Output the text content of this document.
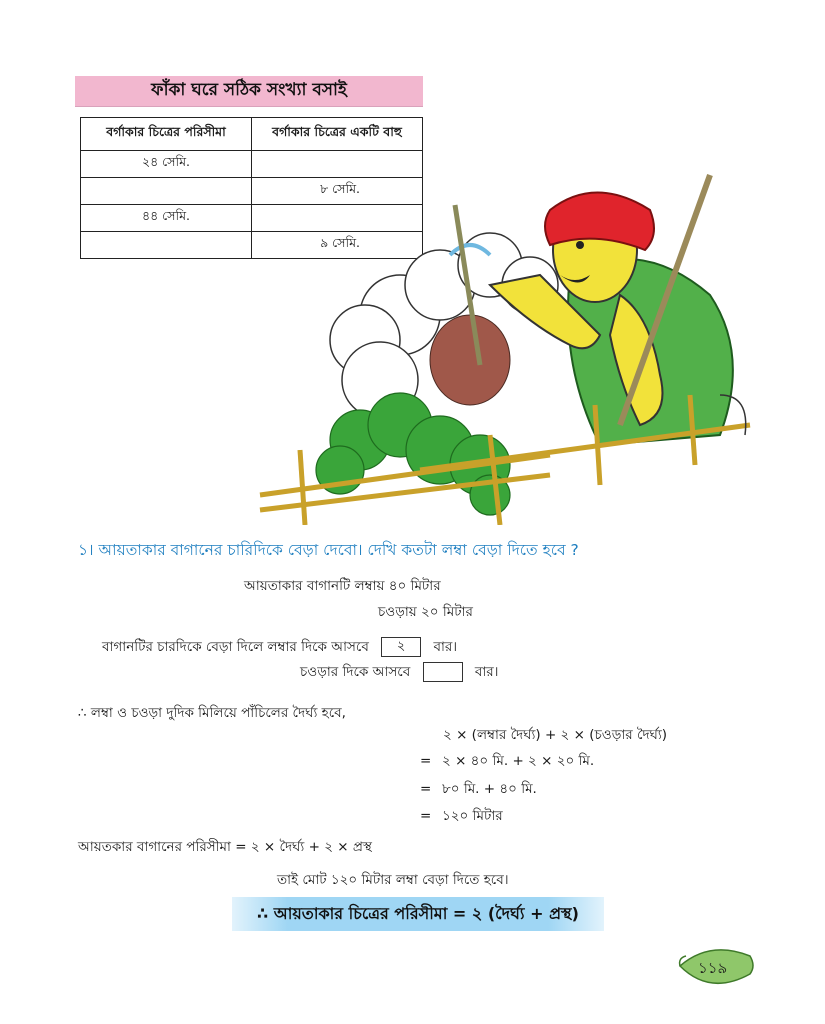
ফাঁকা ঘরে সঠিক সংখ্যা বসাই
বর্গাকার চিত্রের পরিসীমা	বর্গাকার চিত্রের একটি বাহু
২৪ সেমি.	
	৮ সেমি.
৪৪ সেমি.	
	৯ সেমি.
১। আয়তাকার বাগানের চারিদিকে বেড়া দেবো। দেখি কতটা লম্বা বেড়া দিতে হবে ?
আয়তাকার বাগানটি লম্বায় ৪০ মিটার
চওড়ায় ২০ মিটার
বাগানটির চারদিকে বেড়া দিলে লম্বার দিকে আসবে ২ বার।
চওড়ার দিকে আসবে	বার।
∴ লম্বা ও চওড়া দুদিক মিলিয়ে পাঁচিলের দৈর্ঘ্য হবে,
২ × (লম্বার দৈর্ঘ্য) + ২ × (চওড়ার দৈর্ঘ্য)
= ২ × ৪০ মি. + ২ × ২০ মি.
= ৮০ মি. + ৪০ মি.
= ১২০ মিটার
আয়তকার বাগানের পরিসীমা = ২ × দৈর্ঘ্য + ২ × প্রস্থ
তাই মোট ১২০ মিটার লম্বা বেড়া দিতে হবে।
∴ আয়তাকার চিত্রের পরিসীমা = ২ (দৈর্ঘ্য + প্রস্থ)
১১৯
